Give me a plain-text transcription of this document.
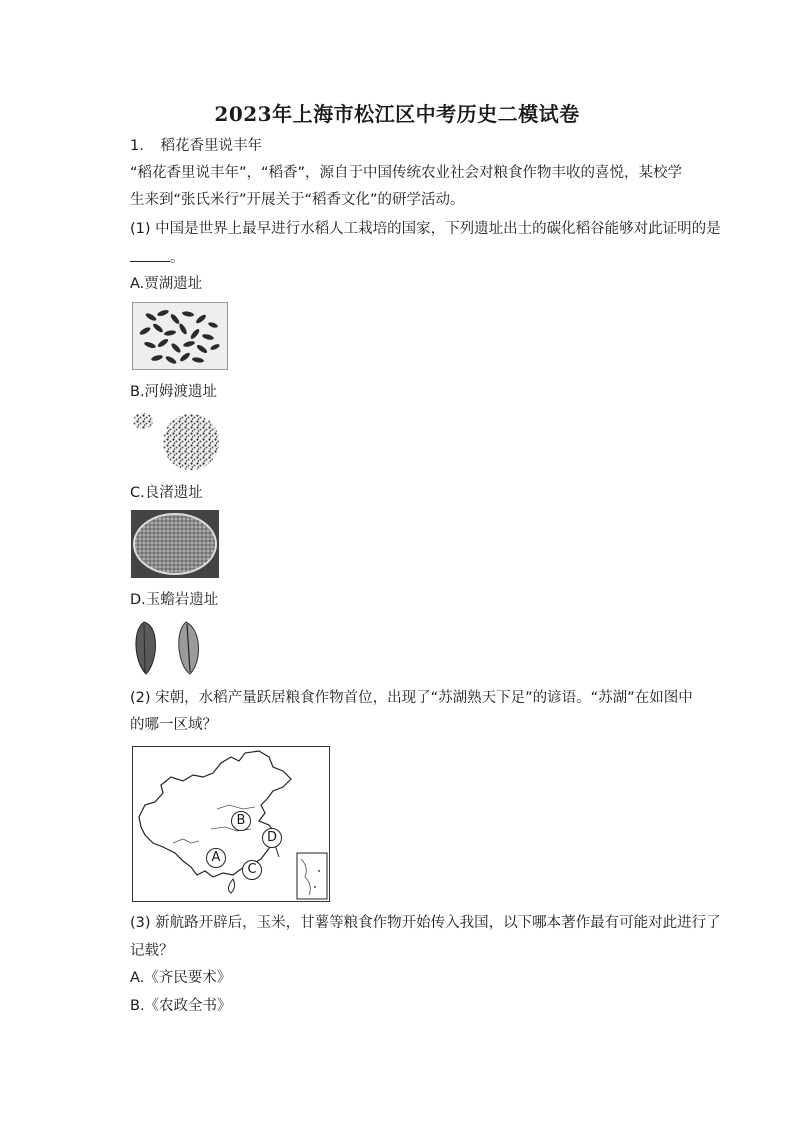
2023年上海市松江区中考历史二模试卷
1. 稻花香里说丰年
“稻花香里说丰年”，“稻香”，源自于中国传统农业社会对粮食作物丰收的喜悦，某校学
生来到“张氏米行”开展关于“稻香文化”的研学活动。
(1) 中国是世界上最早进行水稻人工栽培的国家，下列遗址出土的碳化稻谷能够对此证明的是
。
A.贾湖遗址
B.河姆渡遗址
C.良渚遗址
D.玉蟾岩遗址
(2) 宋朝，水稻产量跃居粮食作物首位，出现了“苏湖熟天下足”的谚语。“苏湖”在如图中
的哪一区域？
B
D
A
C
(3) 新航路开辟后，玉米，甘薯等粮食作物开始传入我国，以下哪本著作最有可能对此进行了
记载？
A.《齐民要术》
B.《农政全书》
